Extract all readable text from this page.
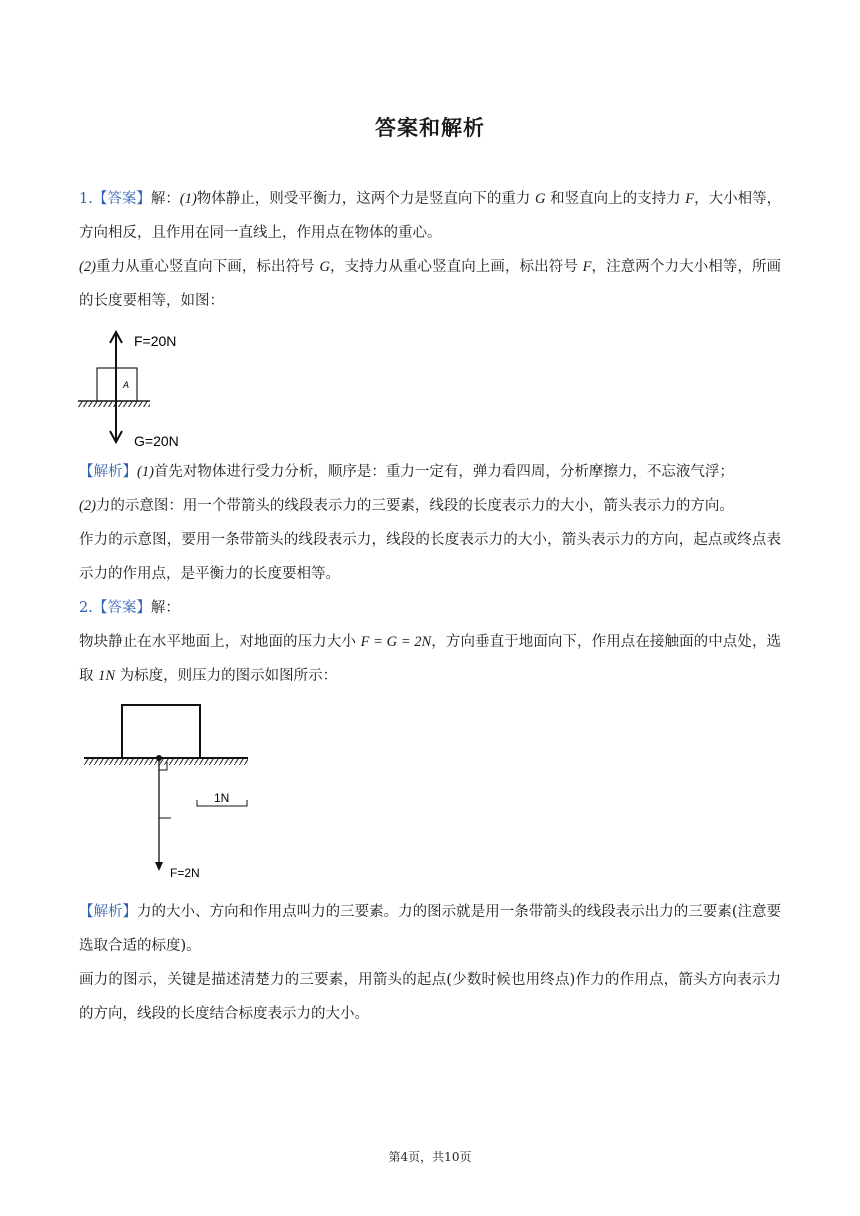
答案和解析
1.【答案】解：(1)物体静止，则受平衡力，这两个力是竖直向下的重力 G 和竖直向上的支持力 F，大小相等，方向相反，且作用在同一直线上，作用点在物体的重心。
(2)重力从重心竖直向下画，标出符号 G，支持力从重心竖直向上画，标出符号 F，注意两个力大小相等，所画的长度要相等，如图：
A
F=20N
G=20N
【解析】(1)首先对物体进行受力分析，顺序是：重力一定有，弹力看四周，分析摩擦力，不忘液气浮；
(2)力的示意图：用一个带箭头的线段表示力的三要素，线段的长度表示力的大小，箭头表示力的方向。
作力的示意图，要用一条带箭头的线段表示力，线段的长度表示力的大小，箭头表示力的方向，起点或终点表示力的作用点，是平衡力的长度要相等。
2.【答案】解：
物块静止在水平地面上，对地面的压力大小 F = G = 2N，方向垂直于地面向下，作用点在接触面的中点处，选取 1N 为标度，则压力的图示如图所示：
F=2N
1N
【解析】力的大小、方向和作用点叫力的三要素。力的图示就是用一条带箭头的线段表示出力的三要素(注意要选取合适的标度)。
画力的图示，关键是描述清楚力的三要素，用箭头的起点(少数时候也用终点)作力的作用点，箭头方向表示力的方向，线段的长度结合标度表示力的大小。
第4页，共10页
